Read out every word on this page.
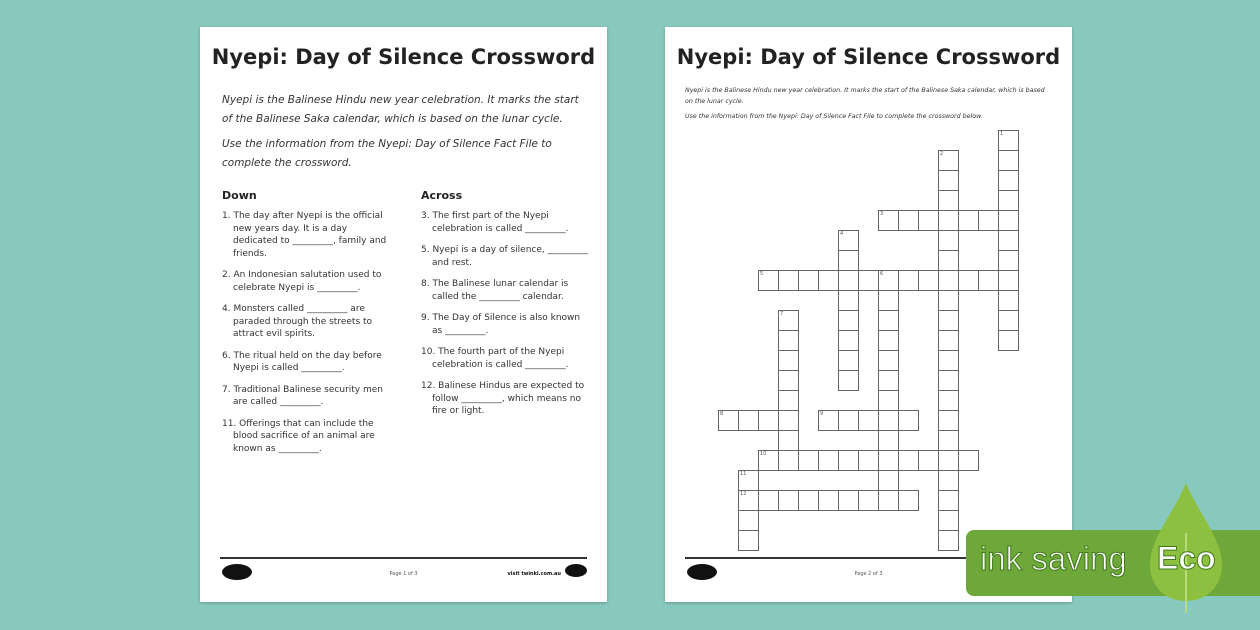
Nyepi: Day of Silence Crossword

Nyepi is the Balinese Hindu new year celebration. It marks the start of the Balinese Saka calendar, which is based on the lunar cycle.

Use the information from the Nyepi: Day of Silence Fact File to complete the crossword.

Down
1. The day after Nyepi is the official new years day. It is a day dedicated to _________, family and friends.
2. An Indonesian salutation used to celebrate Nyepi is _________.
4. Monsters called _________ are paraded through the streets to attract evil spirits.
6. The ritual held on the day before Nyepi is called _________.
7. Traditional Balinese security men are called _________.
11. Offerings that can include the blood sacrifice of an animal are known as _________.
Across
3. The first part of the Nyepi celebration is called _________.
5. Nyepi is a day of silence, _________ and rest.
8. The Balinese lunar calendar is called the _________ calendar.
9. The Day of Silence is also known as _________.
10. The fourth part of the Nyepi celebration is called _________.
12. Balinese Hindus are expected to follow _________, which means no fire or light.
Page 1 of 3	visit twinkl.com.au
Nyepi: Day of Silence Crossword

Nyepi is the Balinese Hindu new year celebration. It marks the start of the Balinese Saka calendar, which is based on the lunar cycle.

Use the information from the Nyepi: Day of Silence Fact File to complete the crossword below.

1
2
3
4
5	6
7
8	9
10
11
12
Page 2 of 3	ink saving Eco
